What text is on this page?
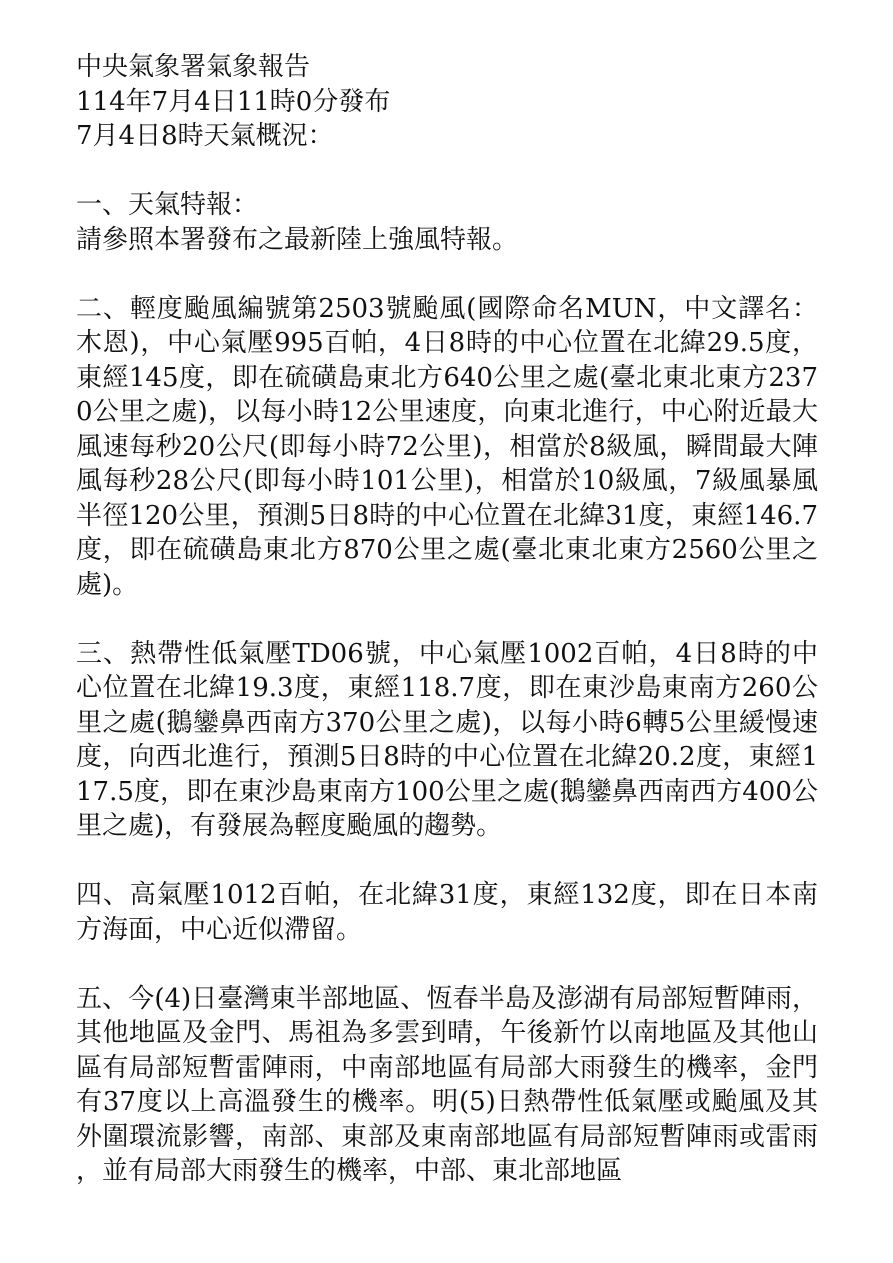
中央氣象署氣象報告
114年7月4日11時0分發布
7月4日8時天氣概況：
一、天氣特報：

請參照本署發布之最新陸上強風特報。

二、輕度颱風編號第2503號颱風(國際命名MUN，中文譯名：木恩)，中心氣壓995百帕，4日8時的中心位置在北緯29.5度，東經145度，即在硫磺島東北方640公里之處(臺北東北東方2370公里之處)，以每小時12公里速度，向東北進行，中心附近最大風速每秒20公尺(即每小時72公里)，相當於8級風，瞬間最大陣風每秒28公尺(即每小時101公里)，相當於10級風，7級風暴風半徑120公里，預測5日8時的中心位置在北緯31度，東經146.7度，即在硫磺島東北方870公里之處(臺北東北東方2560公里之處)。

三、熱帶性低氣壓TD06號，中心氣壓1002百帕，4日8時的中心位置在北緯19.3度，東經118.7度，即在東沙島東南方260公里之處(鵝鑾鼻西南方370公里之處)，以每小時6轉5公里緩慢速度，向西北進行，預測5日8時的中心位置在北緯20.2度，東經117.5度，即在東沙島東南方100公里之處(鵝鑾鼻西南西方400公里之處)，有發展為輕度颱風的趨勢。

四、高氣壓1012百帕，在北緯31度，東經132度，即在日本南方海面，中心近似滯留。

五、今(4)日臺灣東半部地區、恆春半島及澎湖有局部短暫陣雨，其他地區及金門、馬祖為多雲到晴，午後新竹以南地區及其他山區有局部短暫雷陣雨，中南部地區有局部大雨發生的機率，金門有37度以上高溫發生的機率。明(5)日熱帶性低氣壓或颱風及其外圍環流影響，南部、東部及東南部地區有局部短暫陣雨或雷雨，並有局部大雨發生的機率，中部、東北部地區
